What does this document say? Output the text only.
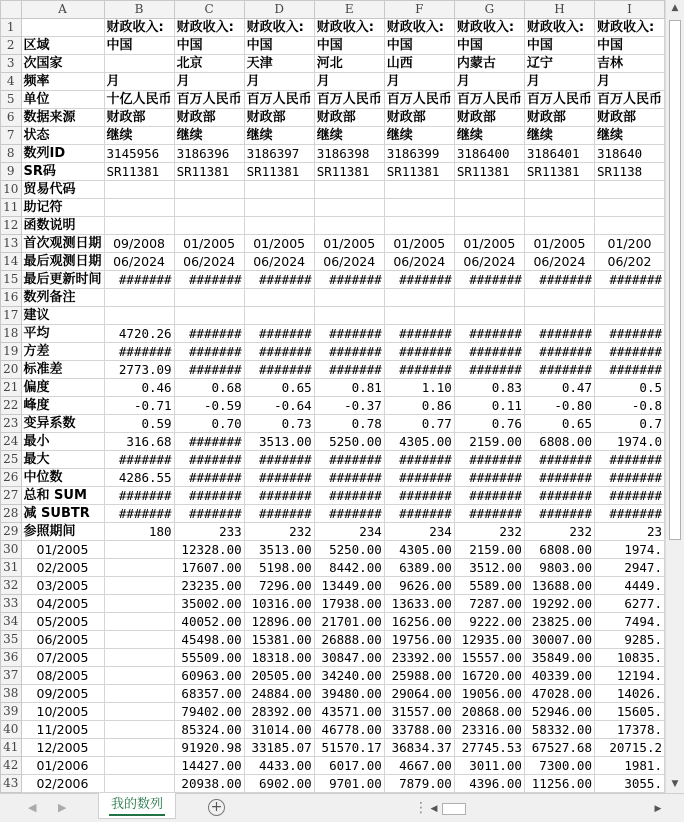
	A	B	C	D	E	F	G	H	I
1		财政收入:	财政收入:	财政收入:	财政收入:	财政收入:	财政收入:	财政收入:	财政收入:
2	区域	中国	中国	中国	中国	中国	中国	中国	中国
3	次国家		北京	天津	河北	山西	内蒙古	辽宁	吉林
4	频率	月	月	月	月	月	月	月	月
5	单位	十亿人民币	百万人民币	百万人民币	百万人民币	百万人民币	百万人民币	百万人民币	百万人民币
6	数据来源	财政部	财政部	财政部	财政部	财政部	财政部	财政部	财政部
7	状态	继续	继续	继续	继续	继续	继续	继续	继续
8	数列ID	3145956	3186396	3186397	3186398	3186399	3186400	3186401	318640
9	SR码	SR11381	SR11381	SR11381	SR11381	SR11381	SR11381	SR11381	SR1138
10	贸易代码								
11	助记符								
12	函数说明								
13	首次观测日期	09/2008	01/2005	01/2005	01/2005	01/2005	01/2005	01/2005	01/200
14	最后观测日期	06/2024	06/2024	06/2024	06/2024	06/2024	06/2024	06/2024	06/202
15	最后更新时间	#######	#######	#######	#######	#######	#######	#######	#######
16	数列备注								
17	建议								
18	平均	4720.26	#######	#######	#######	#######	#######	#######	#######
19	方差	#######	#######	#######	#######	#######	#######	#######	#######
20	标准差	2773.09	#######	#######	#######	#######	#######	#######	#######
21	偏度	0.46	0.68	0.65	0.81	1.10	0.83	0.47	0.5
22	峰度	-0.71	-0.59	-0.64	-0.37	0.86	0.11	-0.80	-0.8
23	变异系数	0.59	0.70	0.73	0.78	0.77	0.76	0.65	0.7
24	最小	316.68	#######	3513.00	5250.00	4305.00	2159.00	6808.00	1974.0
25	最大	#######	#######	#######	#######	#######	#######	#######	#######
26	中位数	4286.55	#######	#######	#######	#######	#######	#######	#######
27	总和 SUM	#######	#######	#######	#######	#######	#######	#######	#######
28	减 SUBTR	#######	#######	#######	#######	#######	#######	#######	#######
29	参照期间	180	233	232	234	234	232	232	23
30	01/2005		12328.00	3513.00	5250.00	4305.00	2159.00	6808.00	1974.
31	02/2005		17607.00	5198.00	8442.00	6389.00	3512.00	9803.00	2947.
32	03/2005		23235.00	7296.00	13449.00	9626.00	5589.00	13688.00	4449.
33	04/2005		35002.00	10316.00	17938.00	13633.00	7287.00	19292.00	6277.
34	05/2005		40052.00	12896.00	21701.00	16256.00	9222.00	23825.00	7494.
35	06/2005		45498.00	15381.00	26888.00	19756.00	12935.00	30007.00	9285.
36	07/2005		55509.00	18318.00	30847.00	23392.00	15557.00	35849.00	10835.
37	08/2005		60963.00	20505.00	34240.00	25988.00	16720.00	40339.00	12194.
38	09/2005		68357.00	24884.00	39480.00	29064.00	19056.00	47028.00	14026.
39	10/2005		79402.00	28392.00	43571.00	31557.00	20868.00	52946.00	15605.
40	11/2005		85324.00	31014.00	46778.00	33788.00	23316.00	58332.00	17378.
41	12/2005		91920.98	33185.07	51570.17	36834.37	27745.53	67527.68	20715.2
42	01/2006		14427.00	4433.00	6017.00	4667.00	3011.00	7300.00	1981.
43	02/2006		20938.00	6902.00	9701.00	7879.00	4396.00	11256.00	3055.
▲
▼
◀ ▶	我的数列	+	⋮ ◀	▶
